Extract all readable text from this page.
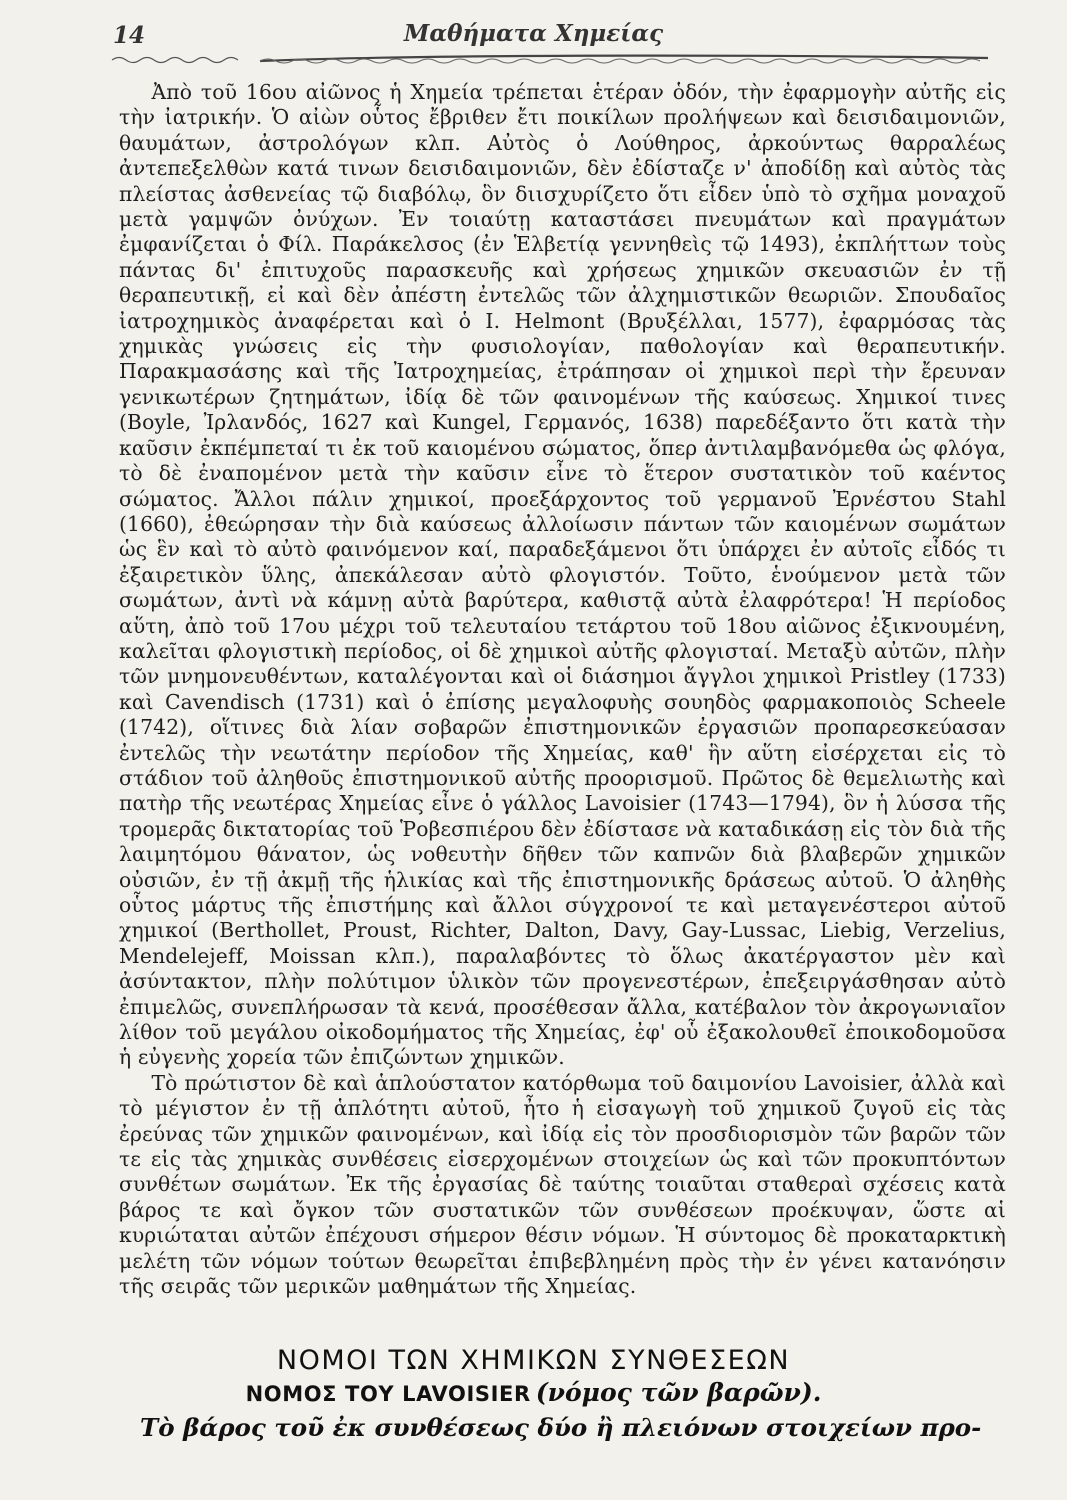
14	Μαθήματα Χημείας

Ἀπὸ τοῦ 16ου αἰῶνος ἡ Χημεία τρέπεται ἑτέραν ὁδόν, τὴν ἐφαρμογὴν αὐτῆς εἰς τὴν ἰατρικήν. Ὁ αἰὼν οὗτος ἔβριθεν ἔτι ποικίλων προλήψεων καὶ δεισιδαιμονιῶν, θαυμάτων, ἀστρολόγων κλπ. Αὐτὸς ὁ Λούθηρος, ἀρκούντως θαρραλέως ἀντεπεξελθὼν κατά τινων δεισιδαιμονιῶν, δὲν ἐδίσταζε ν' ἀποδίδῃ καὶ αὐτὸς τὰς πλείστας ἀσθενείας τῷ διαβόλῳ, ὃν διισχυρίζετο ὅτι εἶδεν ὑπὸ τὸ σχῆμα μοναχοῦ μετὰ γαμψῶν ὀνύχων. Ἐν τοιαύτῃ καταστάσει πνευμάτων καὶ πραγμάτων ἐμφανίζεται ὁ Φίλ. Παράκελσος (ἐν Ἑλβετίᾳ γεννηθεὶς τῷ 1493), ἐκπλήττων τοὺς πάντας δι' ἐπιτυχοῦς παρασκευῆς καὶ χρήσεως χημικῶν σκευασιῶν ἐν τῇ θεραπευτικῇ, εἰ καὶ δὲν ἀπέστη ἐντελῶς τῶν ἀλχημιστικῶν θεωριῶν. Σπουδαῖος ἰατροχημικὸς ἀναφέρεται καὶ ὁ I. Helmont (Βρυξέλλαι, 1577), ἐφαρμόσας τὰς χημικὰς γνώσεις εἰς τὴν φυσιολογίαν, παθολογίαν καὶ θεραπευτικήν. Παρακμασάσης καὶ τῆς Ἰατροχημείας, ἐτράπησαν οἱ χημικοὶ περὶ τὴν ἔρευναν γενικωτέρων ζητημάτων, ἰδίᾳ δὲ τῶν φαινομένων τῆς καύσεως. Χημικοί τινες (Boyle, Ἰρλανδός, 1627 καὶ Kungel, Γερμανός, 1638) παρεδέξαντο ὅτι κατὰ τὴν καῦσιν ἐκπέμπεταί τι ἐκ τοῦ καιομένου σώματος, ὅπερ ἀντιλαμβανόμεθα ὡς φλόγα, τὸ δὲ ἐναπομένον μετὰ τὴν καῦσιν εἶνε τὸ ἕτερον συστατικὸν τοῦ καέντος σώματος. Ἄλλοι πάλιν χημικοί, προεξάρχοντος τοῦ γερμανοῦ Ἐρνέστου Stahl (1660), ἐθεώρησαν τὴν διὰ καύσεως ἀλλοίωσιν πάντων τῶν καιομένων σωμάτων ὡς ἓν καὶ τὸ αὐτὸ φαινόμενον καί, παραδεξάμενοι ὅτι ὑπάρχει ἐν αὐτοῖς εἶδός τι ἐξαιρετικὸν ὕλης, ἀπεκάλεσαν αὐτὸ φλογιστόν. Τοῦτο, ἑνούμενον μετὰ τῶν σωμάτων, ἀντὶ νὰ κάμνῃ αὐτὰ βαρύτερα, καθιστᾷ αὐτὰ ἐλαφρότερα! Ἡ περίοδος αὕτη, ἀπὸ τοῦ 17ου μέχρι τοῦ τελευταίου τετάρτου τοῦ 18ου αἰῶνος ἐξικνουμένη, καλεῖται φλογιστικὴ περίοδος, οἱ δὲ χημικοὶ αὐτῆς φλογισταί. Μεταξὺ αὐτῶν, πλὴν τῶν μνημονευθέντων, καταλέγονται καὶ οἱ διάσημοι ἄγγλοι χημικοὶ Pristley (1733) καὶ Cavendisch (1731) καὶ ὁ ἐπίσης μεγαλοφυὴς σουηδὸς φαρμακοποιὸς Scheele (1742), οἵτινες διὰ λίαν σοβαρῶν ἐπιστημονικῶν ἐργασιῶν προπαρεσκεύασαν ἐντελῶς τὴν νεωτάτην περίοδον τῆς Χημείας, καθ' ἣν αὕτη εἰσέρχεται εἰς τὸ στάδιον τοῦ ἀληθοῦς ἐπιστημονικοῦ αὐτῆς προορισμοῦ. Πρῶτος δὲ θεμελιωτὴς καὶ πατὴρ τῆς νεωτέρας Χημείας εἶνε ὁ γάλλος Lavoisier (1743—1794), ὃν ἡ λύσσα τῆς τρομερᾶς δικτατορίας τοῦ Ῥοβεσπιέρου δὲν ἐδίστασε νὰ καταδικάσῃ εἰς τὸν διὰ τῆς λαιμητόμου θάνατον, ὡς νοθευτὴν δῆθεν τῶν καπνῶν διὰ βλαβερῶν χημικῶν οὐσιῶν, ἐν τῇ ἀκμῇ τῆς ἡλικίας καὶ τῆς ἐπιστημονικῆς δράσεως αὐτοῦ. Ὁ ἀληθὴς οὗτος μάρτυς τῆς ἐπιστήμης καὶ ἄλλοι σύγχρονοί τε καὶ μεταγενέστεροι αὐτοῦ χημικοί (Berthollet, Proust, Richter, Dalton, Davy, Gay-Lussac, Liebig, Verzelius, Mendelejeff, Moissan κλπ.), παραλαβόντες τὸ ὅλως ἀκατέργαστον μὲν καὶ ἀσύντακτον, πλὴν πολύτιμον ὑλικὸν τῶν προγενεστέρων, ἐπεξειργάσθησαν αὐτὸ ἐπιμελῶς, συνεπλήρωσαν τὰ κενά, προσέθεσαν ἄλλα, κατέβαλον τὸν ἀκρογωνιαῖον λίθον τοῦ μεγάλου οἰκοδομήματος τῆς Χημείας, ἐφ' οὗ ἐξακολουθεῖ ἐποικοδομοῦσα ἡ εὐγενὴς χορεία τῶν ἐπιζώντων χημικῶν.

Τὸ πρώτιστον δὲ καὶ ἁπλούστατον κατόρθωμα τοῦ δαιμονίου Lavoisier, ἀλλὰ καὶ τὸ μέγιστον ἐν τῇ ἁπλότητι αὐτοῦ, ἦτο ἡ εἰσαγωγὴ τοῦ χημικοῦ ζυγοῦ εἰς τὰς ἐρεύνας τῶν χημικῶν φαινομένων, καὶ ἰδίᾳ εἰς τὸν προσδιορισμὸν τῶν βαρῶν τῶν τε εἰς τὰς χημικὰς συνθέσεις εἰσερχομένων στοιχείων ὡς καὶ τῶν προκυπτόντων συνθέτων σωμάτων. Ἐκ τῆς ἐργασίας δὲ ταύτης τοιαῦται σταθεραὶ σχέσεις κατὰ βάρος τε καὶ ὄγκον τῶν συστατικῶν τῶν συνθέσεων προέκυψαν, ὥστε αἱ κυριώταται αὐτῶν ἐπέχουσι σήμερον θέσιν νόμων. Ἡ σύντομος δὲ προκαταρκτικὴ μελέτη τῶν νόμων τούτων θεωρεῖται ἐπιβεβλημένη πρὸς τὴν ἐν γένει κατανόησιν τῆς σειρᾶς τῶν μερικῶν μαθημάτων τῆς Χημείας.

ΝΟΜΟΙ ΤΩΝ ΧΗΜΙΚΩΝ ΣΥΝΘΕΣΕΩΝ
ΝΟΜΟΣ ΤΟΥ LAVOISIER (νόμος τῶν βαρῶν).
Τὸ βάρος τοῦ ἐκ συνθέσεως δύο ἢ πλειόνων στοιχείων προ-
